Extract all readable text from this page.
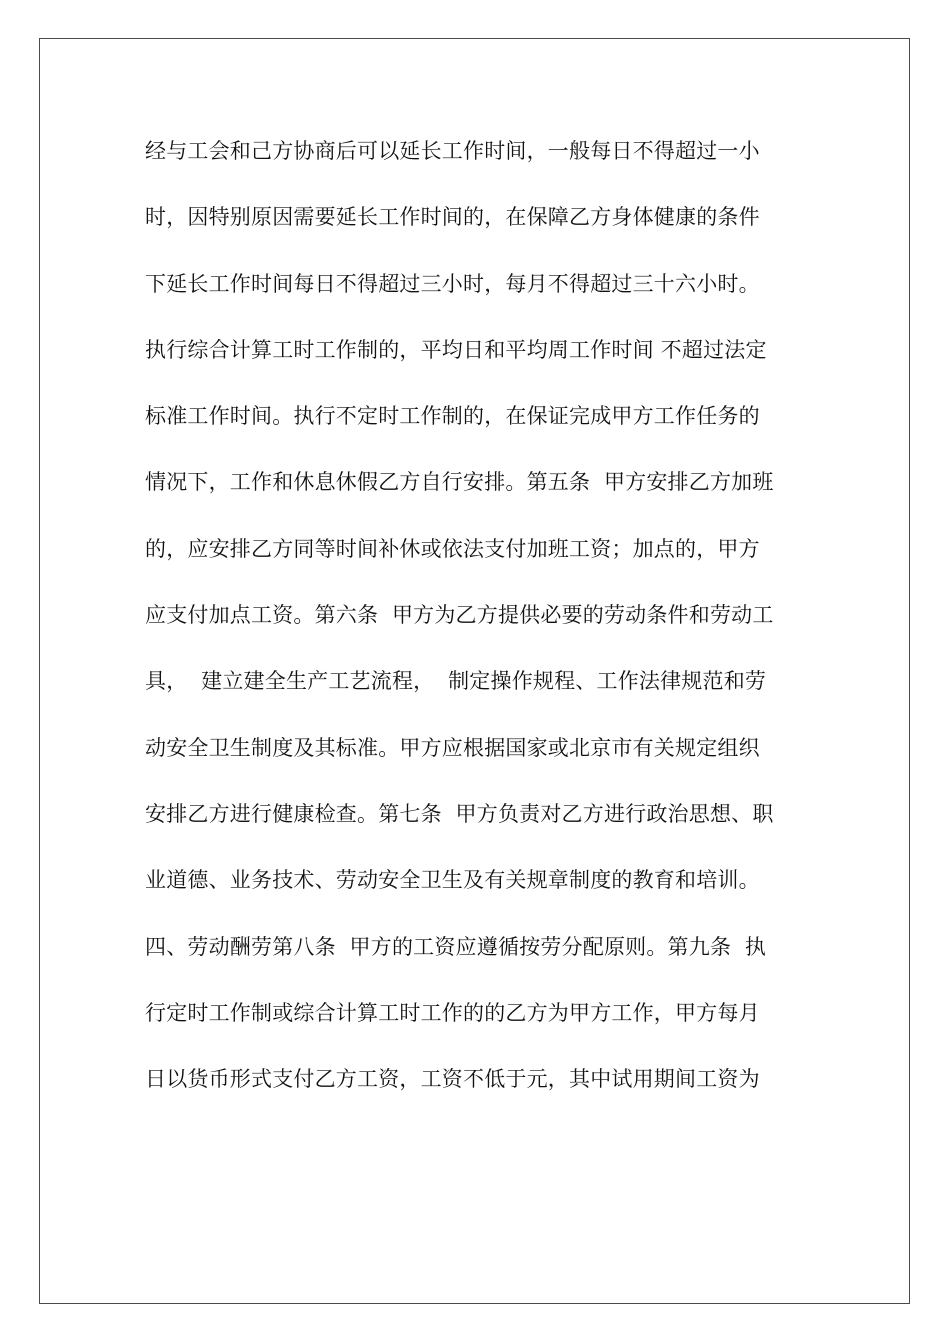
经与工会和己方协商后可以延长工作时间，一般每日不得超过一小
时，因特别原因需要延长工作时间的，在保障乙方身体健康的条件
下延长工作时间每日不得超过三小时，每月不得超过三十六小时。
执行综合计算工时工作制的，平均日和平均周工作时间 不超过法定
标准工作时间。执行不定时工作制的，在保证完成甲方工作任务的
情况下，工作和休息休假乙方自行安排。第五条  甲方安排乙方加班
的，应安排乙方同等时间补休或依法支付加班工资；加点的，甲方
应支付加点工资。第六条  甲方为乙方提供必要的劳动条件和劳动工
具，  建立建全生产工艺流程，  制定操作规程、工作法律规范和劳
动安全卫生制度及其标准。甲方应根据国家或北京市有关规定组织
安排乙方进行健康检查。第七条  甲方负责对乙方进行政治思想、职
业道德、业务技术、劳动安全卫生及有关规章制度的教育和培训。
四、劳动酬劳第八条  甲方的工资应遵循按劳分配原则。第九条  执
行定时工作制或综合计算工时工作的的乙方为甲方工作，甲方每月
日以货币形式支付乙方工资，工资不低于元，其中试用期间工资为
